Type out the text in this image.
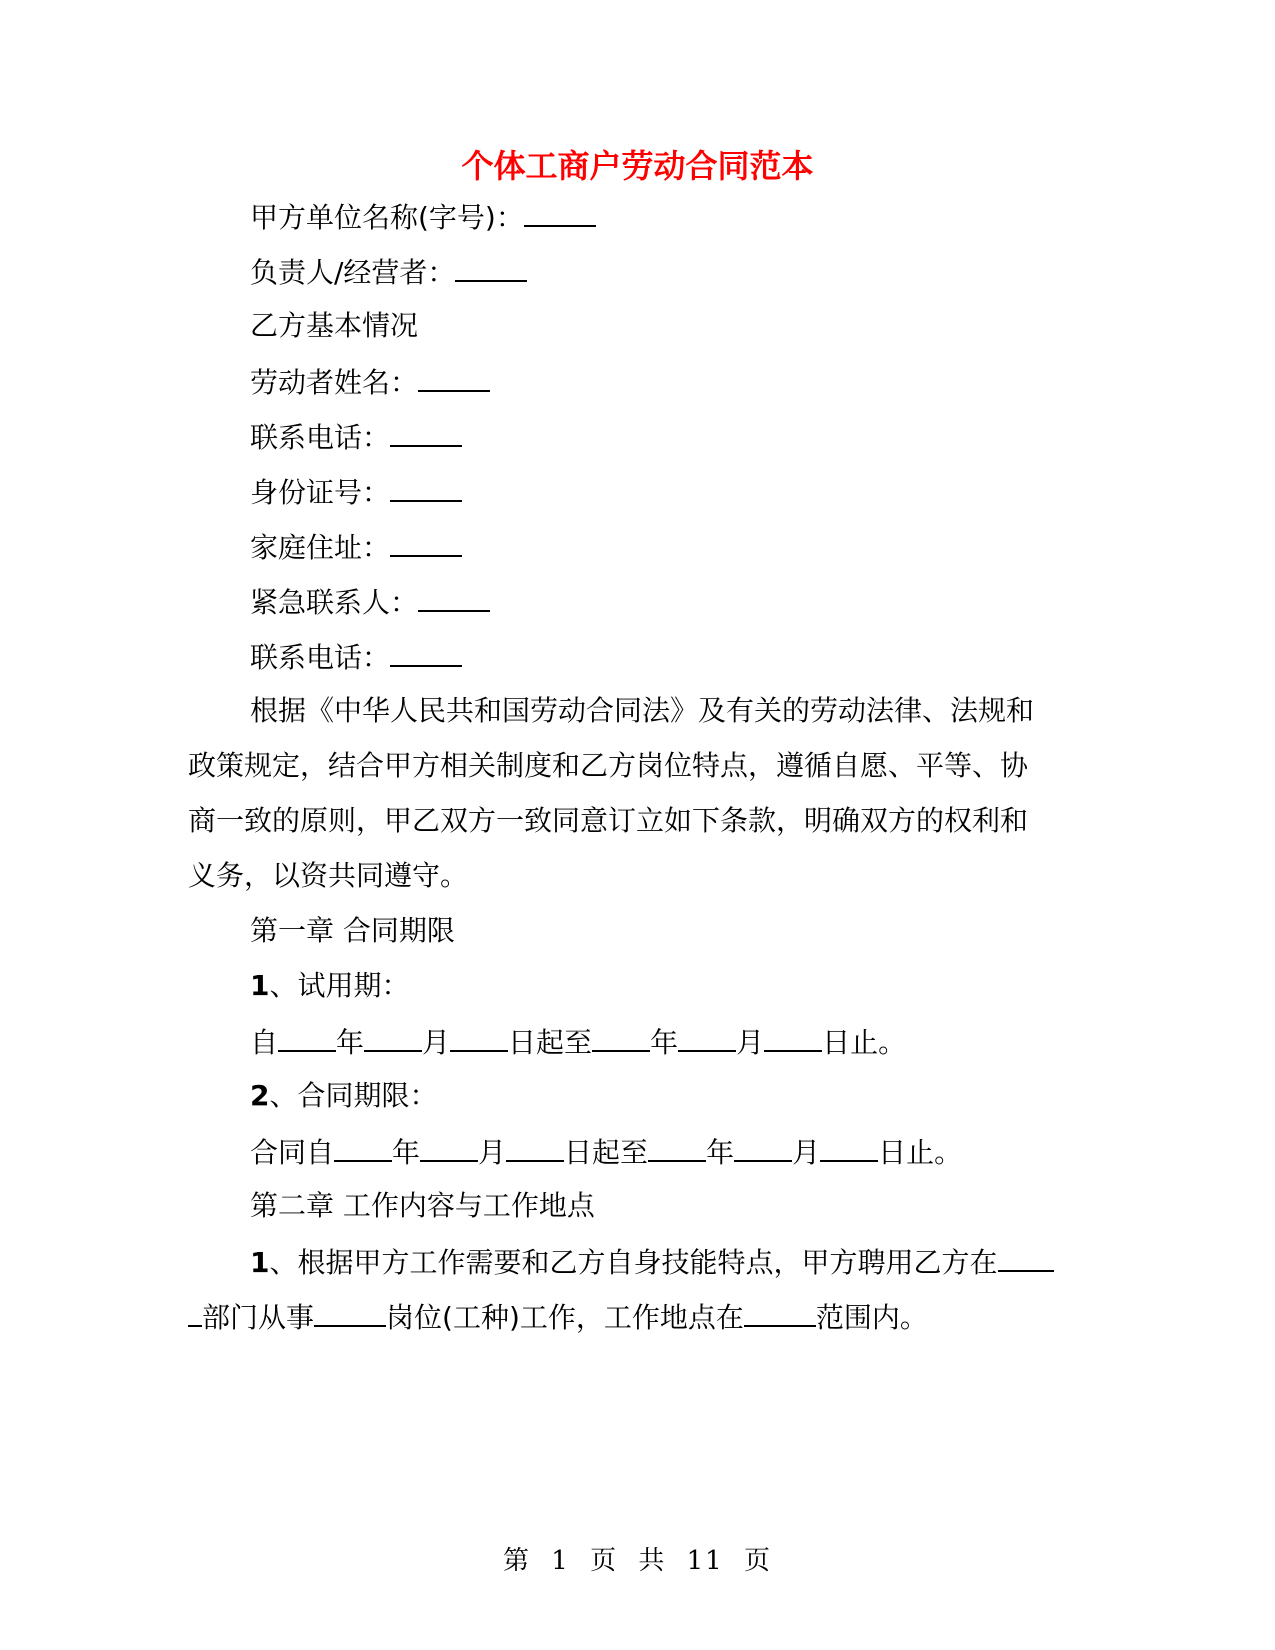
个体工商户劳动合同范本
甲方单位名称(字号)：
负责人/经营者：
乙方基本情况
劳动者姓名：
联系电话：
身份证号：
家庭住址：
紧急联系人：
联系电话：
根据《中华人民共和国劳动合同法》及有关的劳动法律、法规和
政策规定，结合甲方相关制度和乙方岗位特点，遵循自愿、平等、协
商一致的原则，甲乙双方一致同意订立如下条款，明确双方的权利和
义务，以资共同遵守。
第一章 合同期限
1、试用期：
自 年 月 日起至 年 月 日止。
2、合同期限：
合同自 年 月 日起至 年 月 日止。
第二章 工作内容与工作地点
1、根据甲方工作需要和乙方自身技能特点，甲方聘用乙方在
部门从事	岗位(工种)工作，工作地点在	范围内。
第 1 页 共 11 页
